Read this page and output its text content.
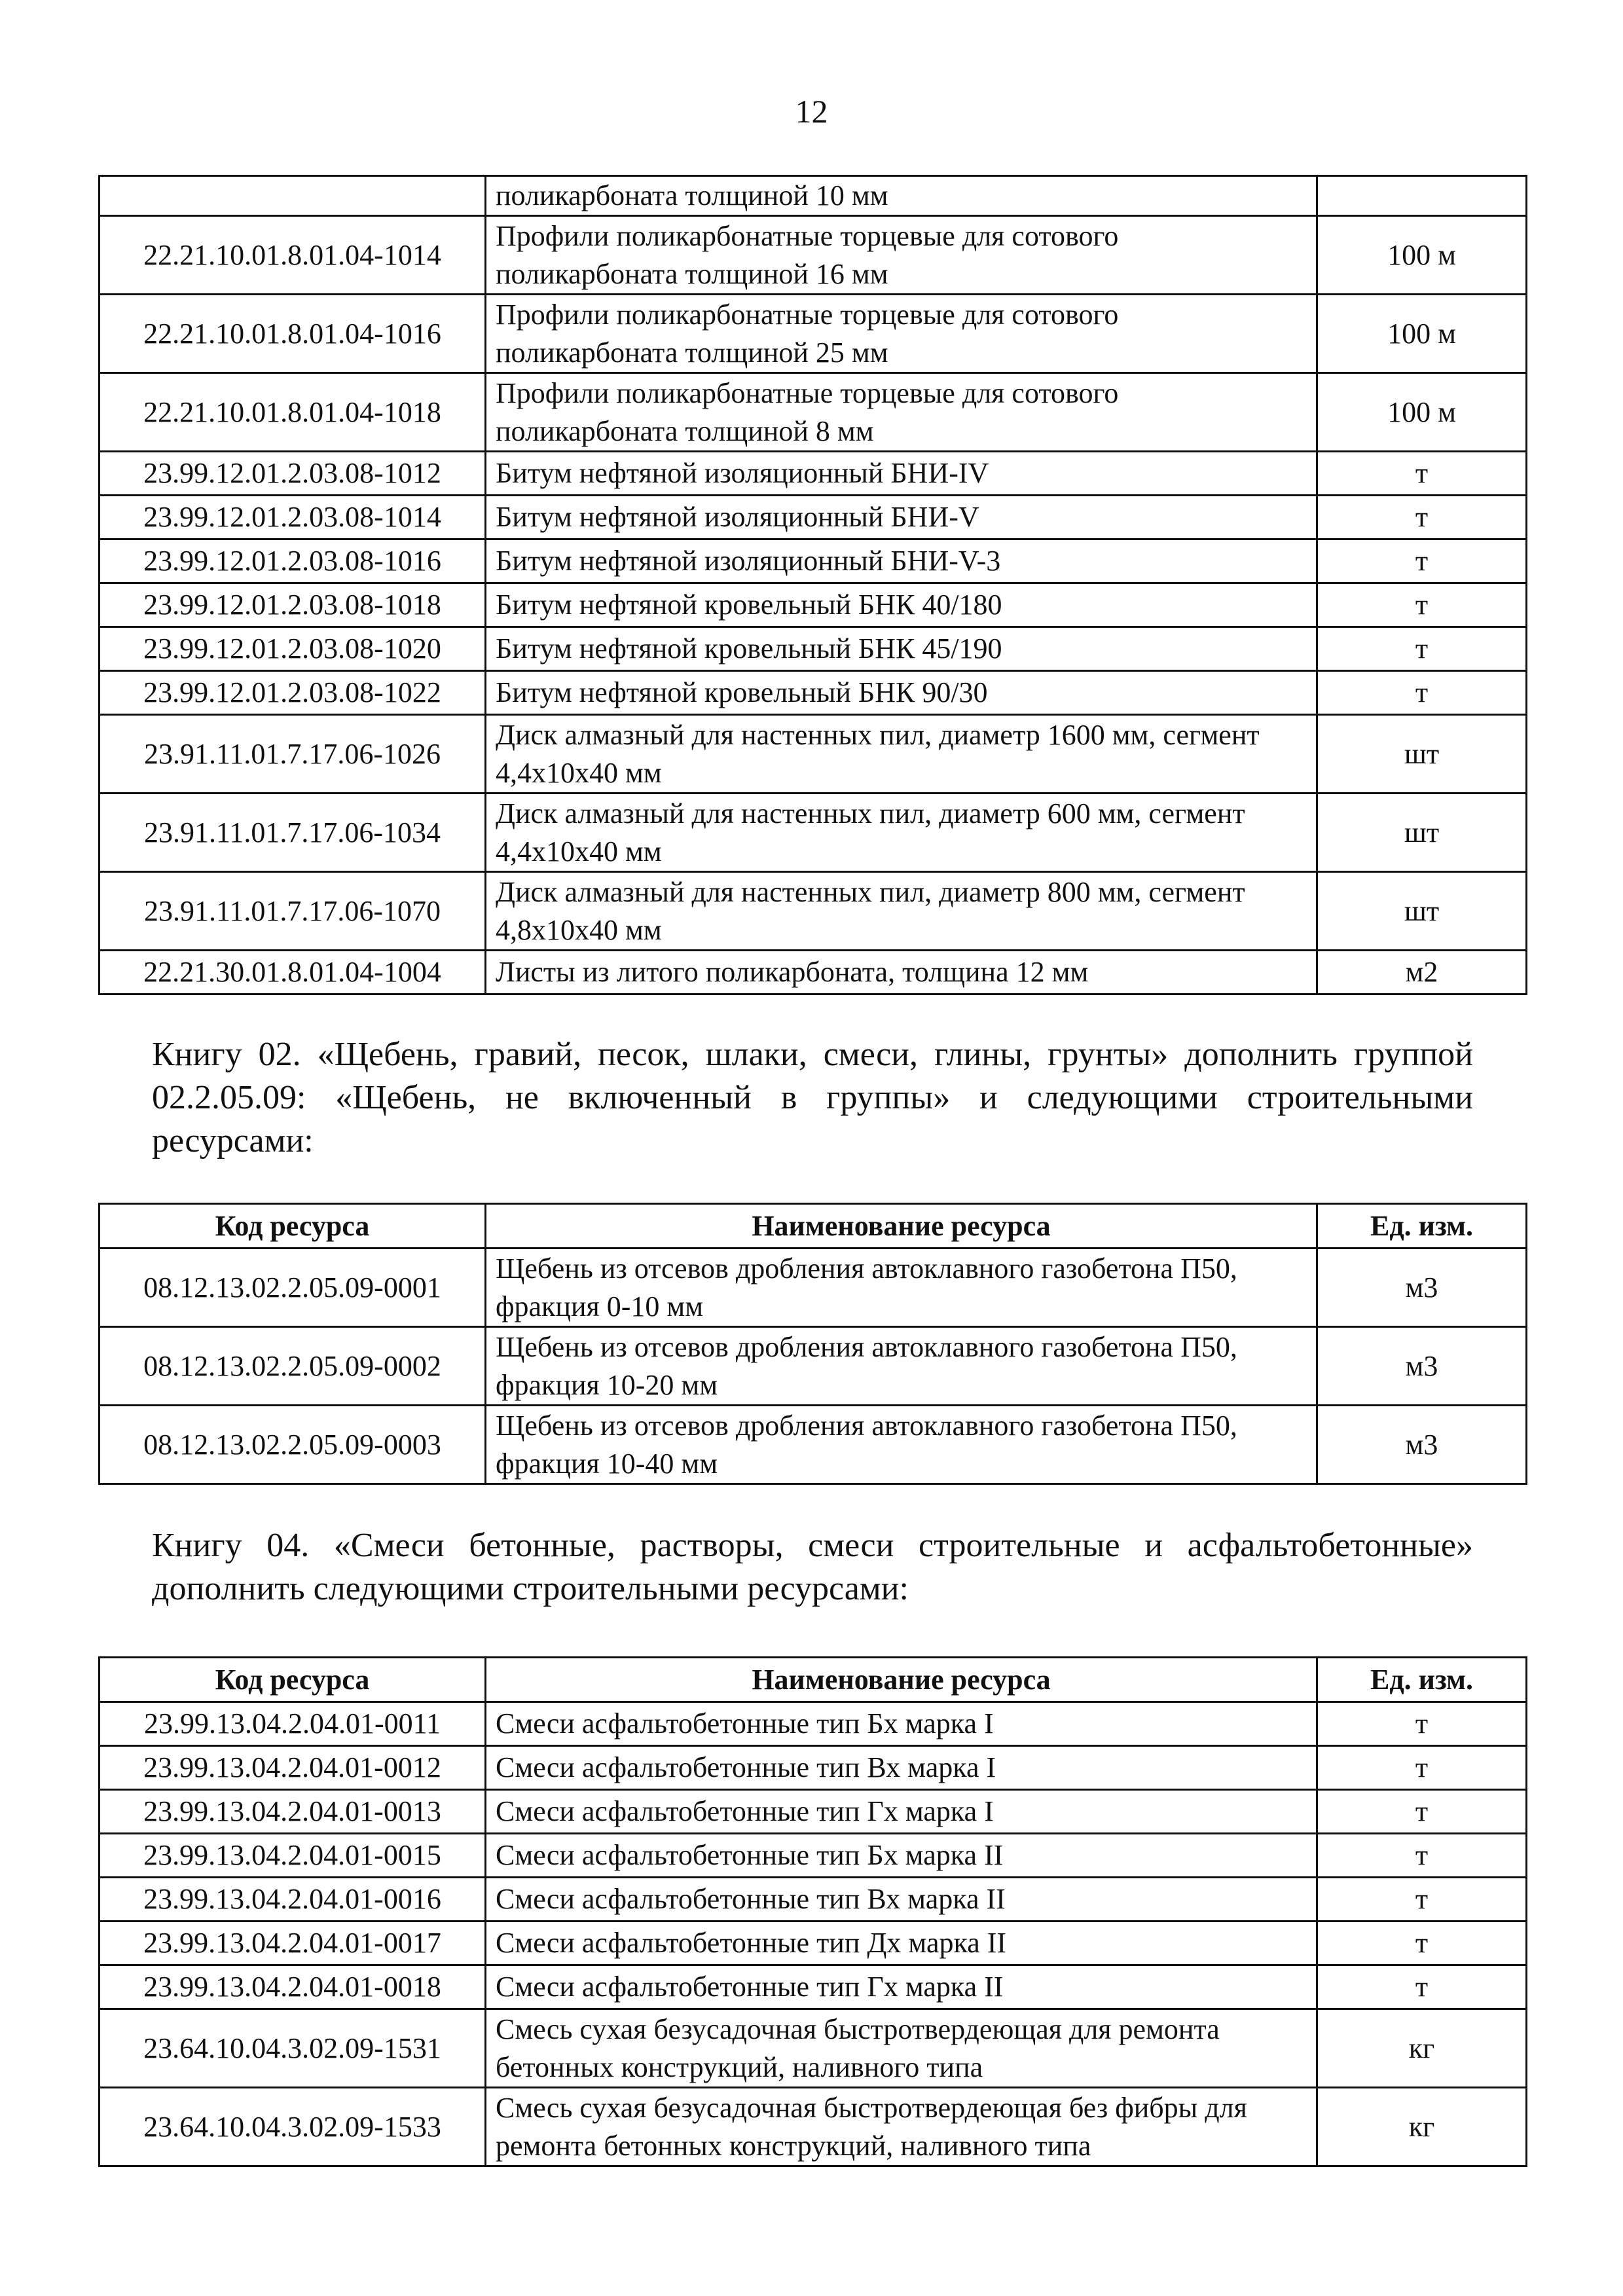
12
	поликарбоната толщиной 10 мм	
22.21.10.01.8.01.04-1014	Профили поликарбонатные торцевые для сотового поликарбоната толщиной 16 мм	100 м
22.21.10.01.8.01.04-1016	Профили поликарбонатные торцевые для сотового поликарбоната толщиной 25 мм	100 м
22.21.10.01.8.01.04-1018	Профили поликарбонатные торцевые для сотового поликарбоната толщиной 8 мм	100 м
23.99.12.01.2.03.08-1012	Битум нефтяной изоляционный БНИ-IV	т
23.99.12.01.2.03.08-1014	Битум нефтяной изоляционный БНИ-V	т
23.99.12.01.2.03.08-1016	Битум нефтяной изоляционный БНИ-V-3	т
23.99.12.01.2.03.08-1018	Битум нефтяной кровельный БНК 40/180	т
23.99.12.01.2.03.08-1020	Битум нефтяной кровельный БНК 45/190	т
23.99.12.01.2.03.08-1022	Битум нефтяной кровельный БНК 90/30	т
23.91.11.01.7.17.06-1026	Диск алмазный для настенных пил, диаметр 1600 мм, сегмент 4,4х10х40 мм	шт
23.91.11.01.7.17.06-1034	Диск алмазный для настенных пил, диаметр 600 мм, сегмент 4,4х10х40 мм	шт
23.91.11.01.7.17.06-1070	Диск алмазный для настенных пил, диаметр 800 мм, сегмент 4,8х10х40 мм	шт
22.21.30.01.8.01.04-1004	Листы из литого поликарбоната, толщина 12 мм	м2
Книгу 02. «Щебень, гравий, песок, шлаки, смеси, глины, грунты» дополнить группой 02.2.05.09: «Щебень, не включенный в группы» и следующими строительными ресурсами:
Код ресурса	Наименование ресурса	Ед. изм.
08.12.13.02.2.05.09-0001	Щебень из отсевов дробления автоклавного газобетона П50, фракция 0-10 мм	м3
08.12.13.02.2.05.09-0002	Щебень из отсевов дробления автоклавного газобетона П50, фракция 10-20 мм	м3
08.12.13.02.2.05.09-0003	Щебень из отсевов дробления автоклавного газобетона П50, фракция 10-40 мм	м3
Книгу 04. «Смеси бетонные, растворы, смеси строительные и асфальтобетонные» дополнить следующими строительными ресурсами:
Код ресурса	Наименование ресурса	Ед. изм.
23.99.13.04.2.04.01-0011	Смеси асфальтобетонные тип Бх марка I	т
23.99.13.04.2.04.01-0012	Смеси асфальтобетонные тип Вх марка I	т
23.99.13.04.2.04.01-0013	Смеси асфальтобетонные тип Гх марка I	т
23.99.13.04.2.04.01-0015	Смеси асфальтобетонные тип Бх марка II	т
23.99.13.04.2.04.01-0016	Смеси асфальтобетонные тип Вх марка II	т
23.99.13.04.2.04.01-0017	Смеси асфальтобетонные тип Дх марка II	т
23.99.13.04.2.04.01-0018	Смеси асфальтобетонные тип Гх марка II	т
23.64.10.04.3.02.09-1531	Смесь сухая безусадочная быстротвердеющая для ремонта бетонных конструкций, наливного типа	кг
23.64.10.04.3.02.09-1533	Смесь сухая безусадочная быстротвердеющая без фибры для ремонта бетонных конструкций, наливного типа	кг
